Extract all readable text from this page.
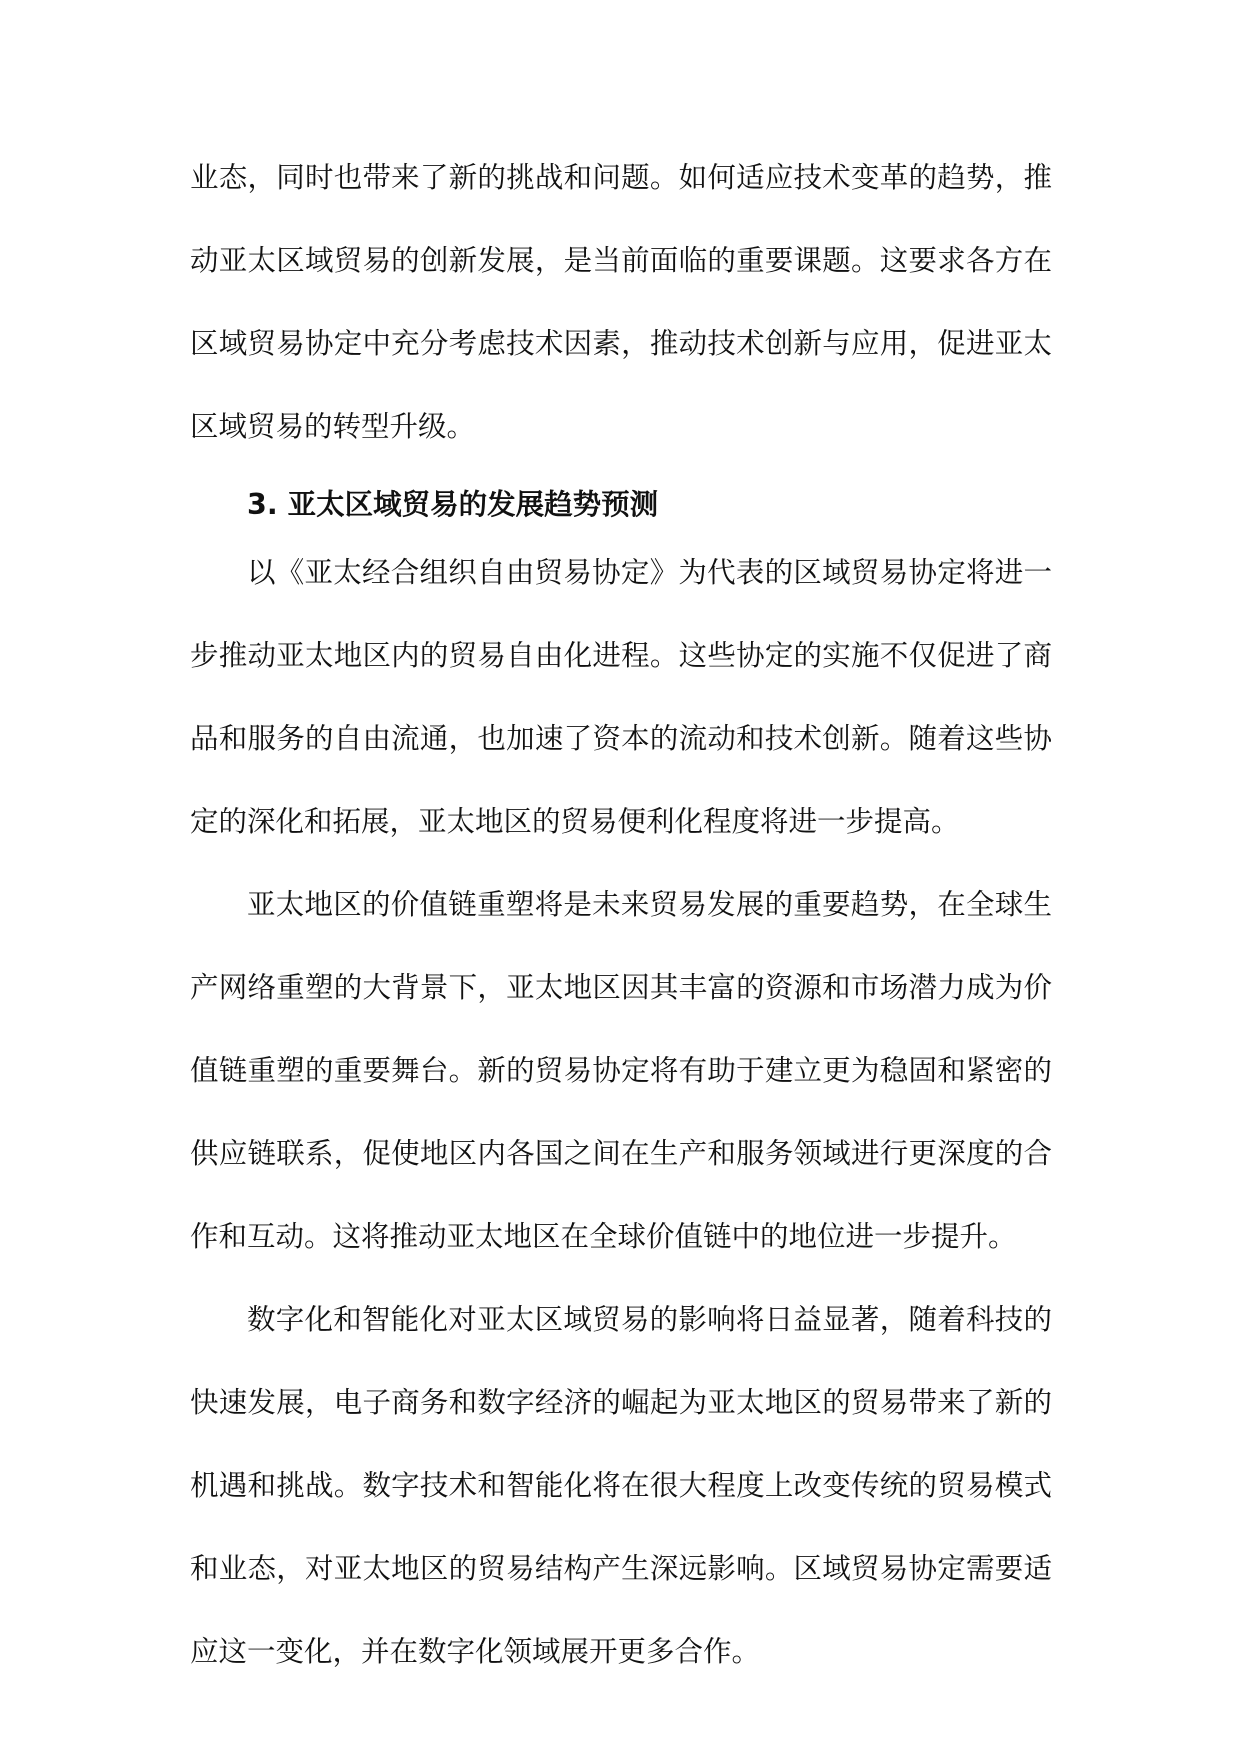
业态，同时也带来了新的挑战和问题。如何适应技术变革的趋势，推动亚太区域贸易的创新发展，是当前面临的重要课题。这要求各方在区域贸易协定中充分考虑技术因素，推动技术创新与应用，促进亚太区域贸易的转型升级。

3. 亚太区域贸易的发展趋势预测

以《亚太经合组织自由贸易协定》为代表的区域贸易协定将进一步推动亚太地区内的贸易自由化进程。这些协定的实施不仅促进了商品和服务的自由流通，也加速了资本的流动和技术创新。随着这些协定的深化和拓展，亚太地区的贸易便利化程度将进一步提高。

亚太地区的价值链重塑将是未来贸易发展的重要趋势，在全球生产网络重塑的大背景下，亚太地区因其丰富的资源和市场潜力成为价值链重塑的重要舞台。新的贸易协定将有助于建立更为稳固和紧密的供应链联系，促使地区内各国之间在生产和服务领域进行更深度的合作和互动。这将推动亚太地区在全球价值链中的地位进一步提升。

数字化和智能化对亚太区域贸易的影响将日益显著，随着科技的快速发展，电子商务和数字经济的崛起为亚太地区的贸易带来了新的机遇和挑战。数字技术和智能化将在很大程度上改变传统的贸易模式和业态，对亚太地区的贸易结构产生深远影响。区域贸易协定需要适应这一变化，并在数字化领域展开更多合作。
